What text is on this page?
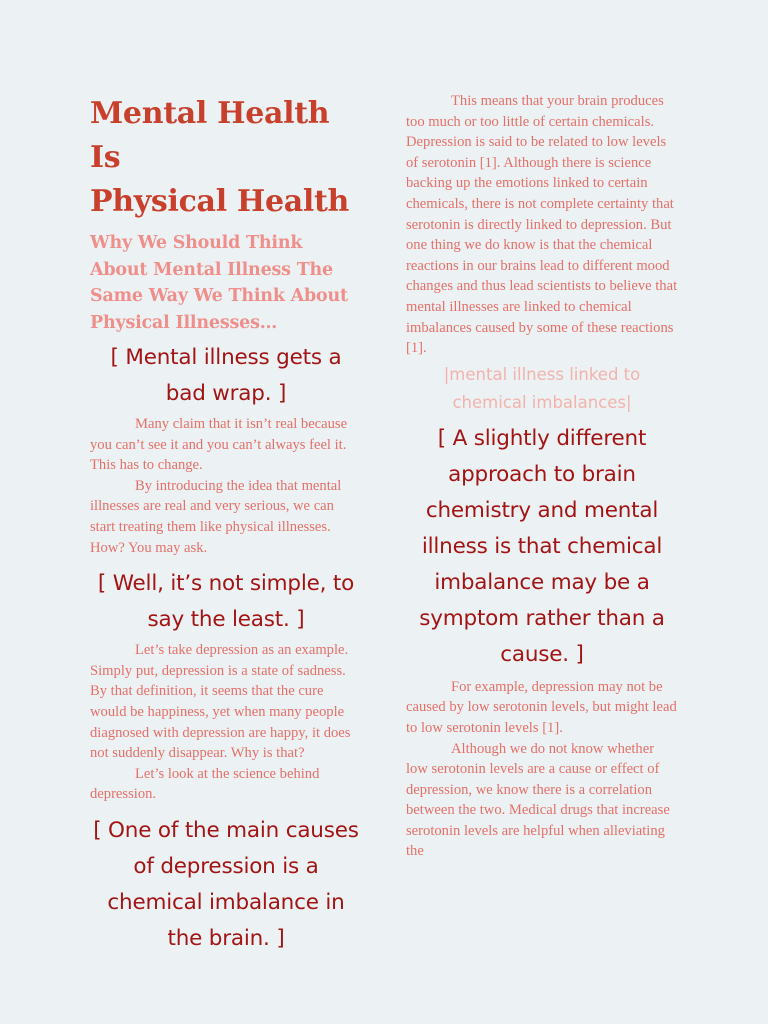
Mental Health Is
Physical Health
Why We Should Think About Mental Illness The Same Way We Think About Physical Illnesses…

[ Mental illness gets a bad wrap. ]

Many claim that it isn’t real because you can’t see it and you can’t always feel it. This has to change.

By introducing the idea that mental illnesses are real and very serious, we can start treating them like physical illnesses. How? You may ask.

[ Well, it’s not simple, to say the least. ]

Let’s take depression as an example. Simply put, depression is a state of sadness. By that definition, it seems that the cure would be happiness, yet when many people diagnosed with depression are happy, it does not suddenly disappear. Why is that?

Let’s look at the science behind depression.

[ One of the main causes of depression is a chemical imbalance in the brain. ]

This means that your brain produces too much or too little of certain chemicals. Depression is said to be related to low levels of serotonin [1]. Although there is science backing up the emotions linked to certain chemicals, there is not complete certainty that serotonin is directly linked to depression. But one thing we do know is that the chemical reactions in our brains lead to different mood changes and thus lead scientists to believe that mental illnesses are linked to chemical imbalances caused by some of these reactions [1].

|mental illness linked to chemical imbalances|

[ A slightly different approach to brain chemistry and mental illness is that chemical imbalance may be a symptom rather than a cause. ]

For example, depression may not be caused by low serotonin levels, but might lead to low serotonin levels [1].

Although we do not know whether low serotonin levels are a cause or effect of depression, we know there is a correlation between the two. Medical drugs that increase serotonin levels are helpful when alleviating the
